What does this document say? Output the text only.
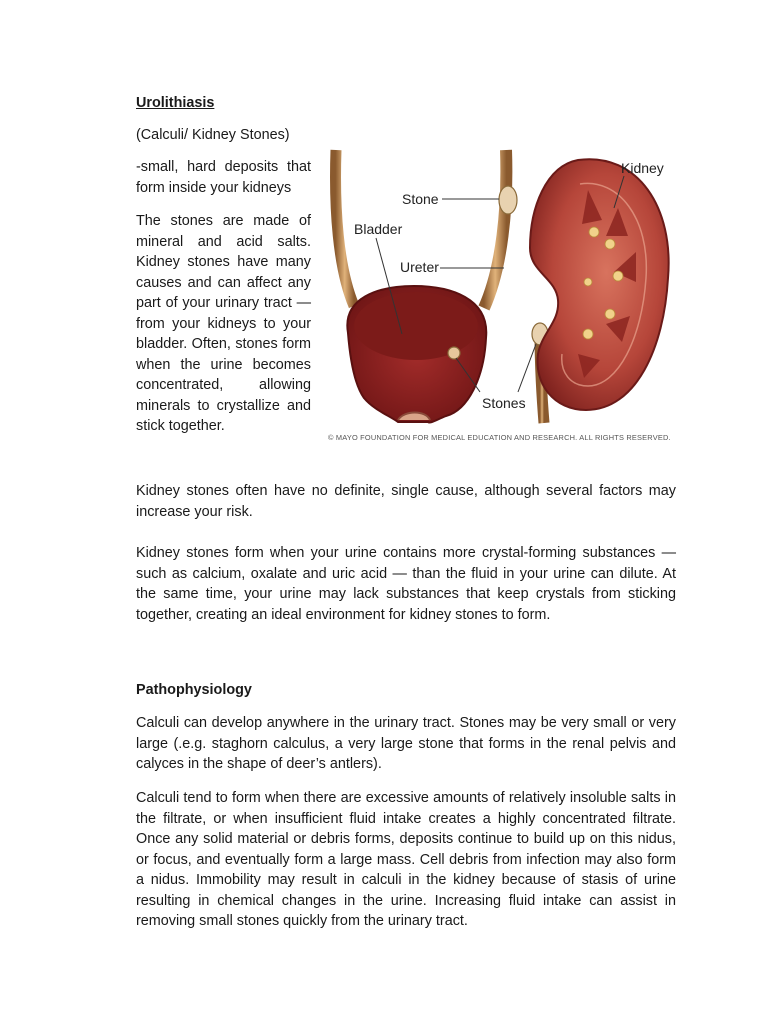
Urolithiasis
(Calculi/ Kidney Stones)

-small, hard deposits that form inside your kidneys

The stones are made of mineral and acid salts. Kidney stones have many causes and can affect any part of your urinary tract — from your kidneys to your bladder. Often, stones form when the urine becomes concentrated, allowing minerals to crystallize and stick together.

Kidney
Stone
Bladder
Ureter
Stones
© MAYO FOUNDATION FOR MEDICAL EDUCATION AND RESEARCH. ALL RIGHTS RESERVED.

Kidney stones often have no definite, single cause, although several factors may increase your risk.

Kidney stones form when your urine contains more crystal-forming substances — such as calcium, oxalate and uric acid — than the fluid in your urine can dilute. At the same time, your urine may lack substances that keep crystals from sticking together, creating an ideal environment for kidney stones to form.

Pathophysiology

Calculi can develop anywhere in the urinary tract. Stones may be very small or very large (.e.g. staghorn calculus, a very large stone that forms in the renal pelvis and calyces in the shape of deer’s antlers).

Calculi tend to form when there are excessive amounts of relatively insoluble salts in the filtrate, or when insufficient fluid intake creates a highly concentrated filtrate. Once any solid material or debris forms, deposits continue to build up on this nidus, or focus, and eventually form a large mass. Cell debris from infection may also form a nidus. Immobility may result in calculi in the kidney because of stasis of urine resulting in chemical changes in the urine. Increasing fluid intake can assist in removing small stones quickly from the urinary tract.
